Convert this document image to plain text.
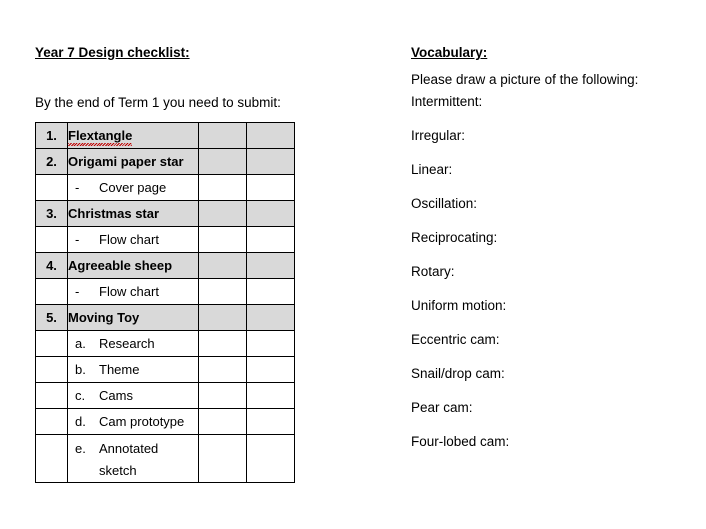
Year 7 Design checklist:
By the end of Term 1 you need to submit:
1.	Flextangle		
2.	Origami paper star		

	- Cover page		

3.	Christmas star		

	- Flow chart		

4.	Agreeable sheep		

	- Flow chart		

5.	Moving Toy		

	a. Research		

	b. Theme		

	c. Cams		

	d. Cam prototype		

	e. Annotated
sketch		

Vocabulary:
Please draw a picture of the following:
Intermittent:
Irregular:
Linear:
Oscillation:
Reciprocating:
Rotary:
Uniform motion:
Eccentric cam:
Snail/drop cam:
Pear cam:
Four-lobed cam:
